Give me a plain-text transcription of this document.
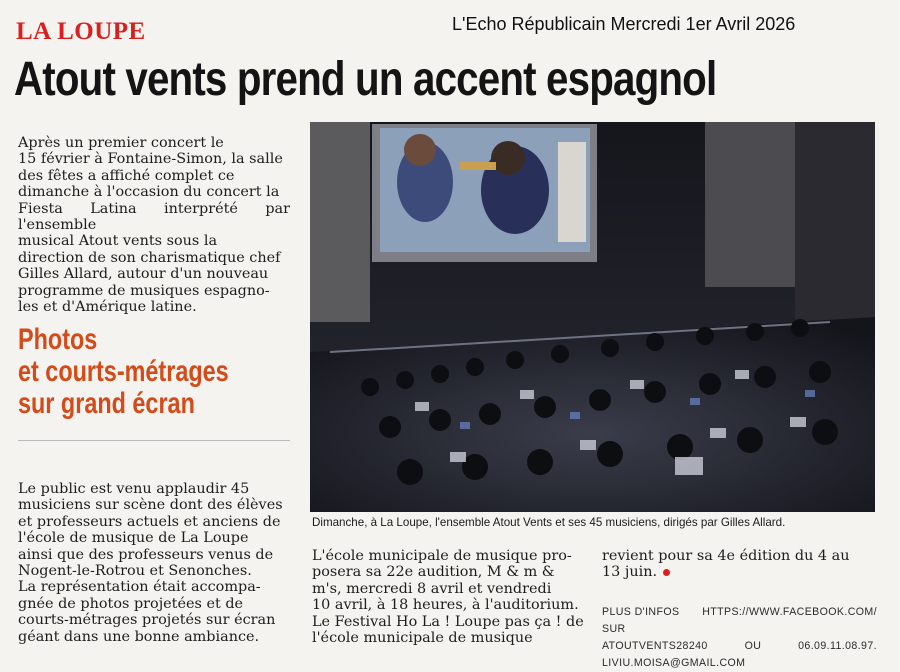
LA LOUPE	L'Echo Républicain Mercredi 1er Avril 2026
Atout vents prend un accent espagnol
Après un premier concert le
15 février à Fontaine-Simon, la salle
des fêtes a affiché complet ce
dimanche à l'occasion du concert la
Fiesta Latina interprété par l'ensemble
musical Atout vents sous la
direction de son charismatique chef
Gilles Allard, autour d'un nouveau
programme de musiques espagno-
les et d'Amérique latine.
Photos
et courts-métrages
sur grand écran
Le public est venu applaudir 45
musiciens sur scène dont des élèves
et professeurs actuels et anciens de
l'école de musique de La Loupe
ainsi que des professeurs venus de
Nogent-le-Rotrou et Senonches.
La représentation était accompa-
gnée de photos projetées et de
courts-métrages projetés sur écran
géant dans une bonne ambiance.
Dimanche, à La Loupe, l'ensemble Atout Vents et ses 45 musiciens, dirigés par Gilles Allard.
L'école municipale de musique pro-
posera sa 22e audition, M & m &
m's, mercredi 8 avril et vendredi
10 avril, à 18 heures, à l'auditorium.
Le Festival Ho La ! Loupe pas ça ! de
l'école municipale de musique
revient pour sa 4e édition du 4 au
13 juin.
PLUS D'INFOS SUR
HTTPS://WWW.FACEBOOK.COM/
ATOUTVENTS28240	OU	06.09.11.08.97.
LIVIU.MOISA@GMAIL.COM
